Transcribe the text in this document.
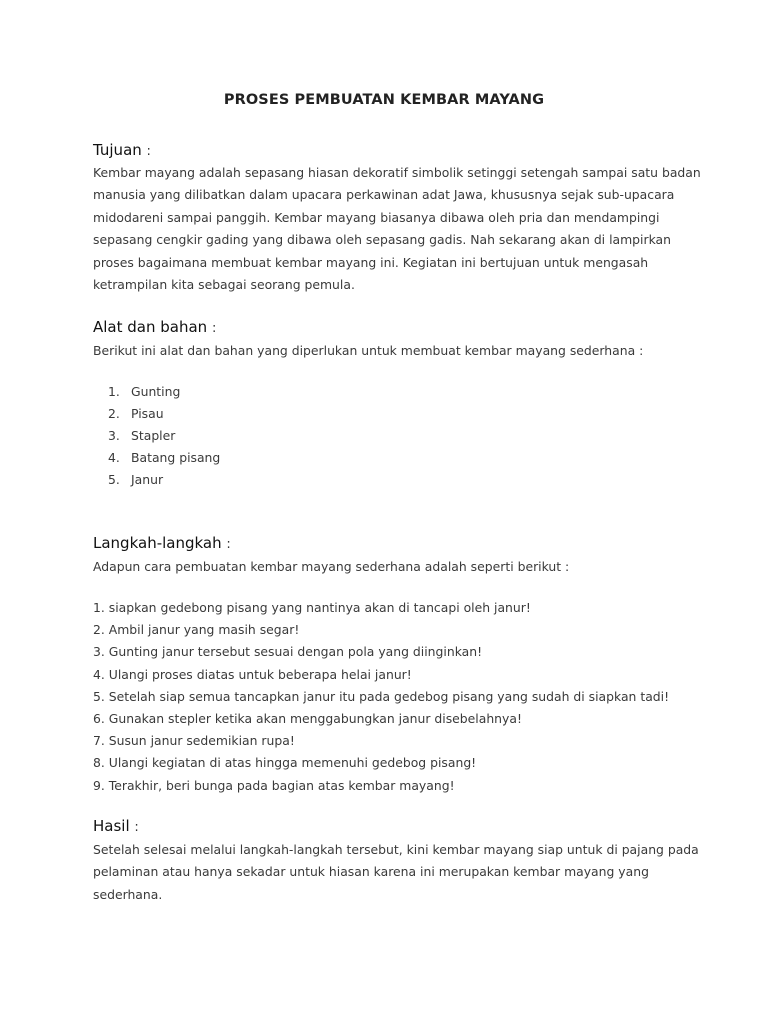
PROSES PEMBUATAN KEMBAR MAYANG
Tujuan :

Kembar mayang adalah sepasang hiasan dekoratif simbolik setinggi setengah sampai satu badan
manusia yang dilibatkan dalam upacara perkawinan adat Jawa, khususnya sejak sub-upacara
midodareni sampai panggih. Kembar mayang biasanya dibawa oleh pria dan mendampingi
sepasang cengkir gading yang dibawa oleh sepasang gadis. Nah sekarang akan di lampirkan
proses bagaimana membuat kembar mayang ini. Kegiatan ini bertujuan untuk mengasah
ketrampilan kita sebagai seorang pemula.

Alat dan bahan :

Berikut ini alat dan bahan yang diperlukan untuk membuat kembar mayang sederhana :

1. Gunting
2. Pisau
3. Stapler
4. Batang pisang
5. Janur
Langkah-langkah :

Adapun cara pembuatan kembar mayang sederhana adalah seperti berikut :

1. siapkan gedebong pisang yang nantinya akan di tancapi oleh janur!
2. Ambil janur yang masih segar!
3. Gunting janur tersebut sesuai dengan pola yang diinginkan!
4. Ulangi proses diatas untuk beberapa helai janur!
5. Setelah siap semua tancapkan janur itu pada gedebog pisang yang sudah di siapkan tadi!
6. Gunakan stepler ketika akan menggabungkan janur disebelahnya!
7. Susun janur sedemikian rupa!
8. Ulangi kegiatan di atas hingga memenuhi gedebog pisang!
9. Terakhir, beri bunga pada bagian atas kembar mayang!
Hasil :

Setelah selesai melalui langkah-langkah tersebut, kini kembar mayang siap untuk di pajang pada
pelaminan atau hanya sekadar untuk hiasan karena ini merupakan kembar mayang yang
sederhana.
